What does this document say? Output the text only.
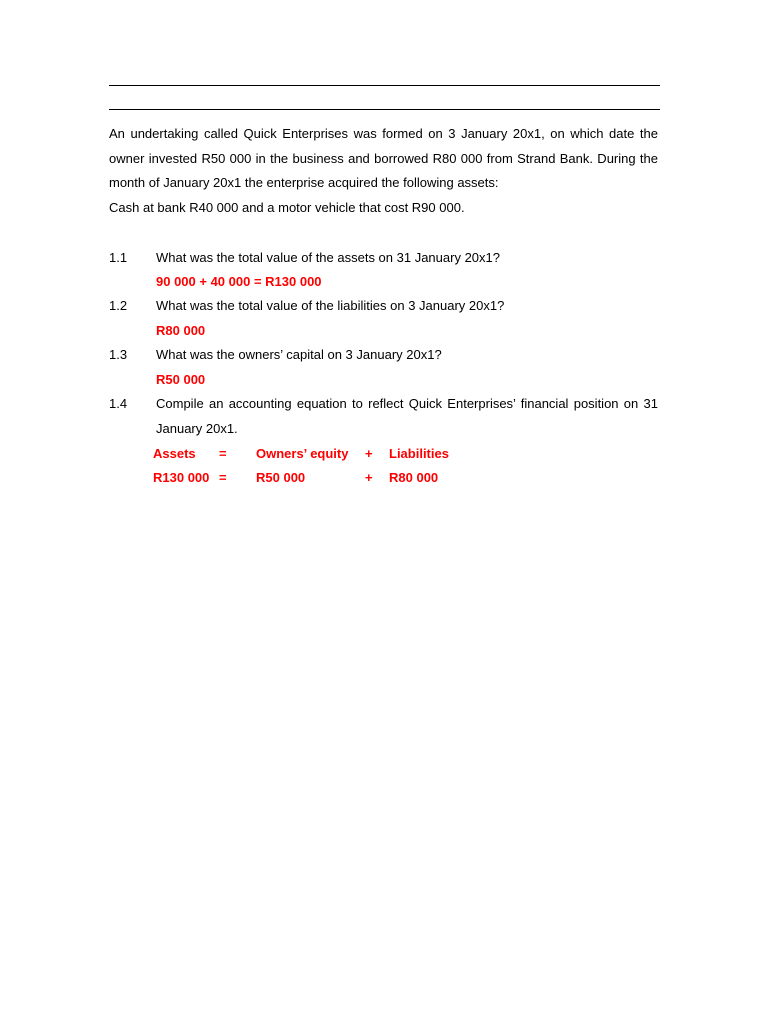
An undertaking called Quick Enterprises was formed on 3 January 20x1, on which date the owner invested R50 000 in the business and borrowed R80 000 from Strand Bank. During the month of January 20x1 the enterprise acquired the following assets:

Cash at bank R40 000 and a motor vehicle that cost R90 000.

1.1 What was the total value of the assets on 31 January 20x1?
90 000 + 40 000 = R130 000
1.2 What was the total value of the liabilities on 3 January 20x1?
R80 000
1.3 What was the owners’ capital on 3 January 20x1?
R50 000
1.4 Compile an accounting equation to reflect Quick Enterprises’ financial position on 31 January 20x1.
Assets = Owners’ equity + Liabilities
R130 000 = R50 000	+ R80 000
